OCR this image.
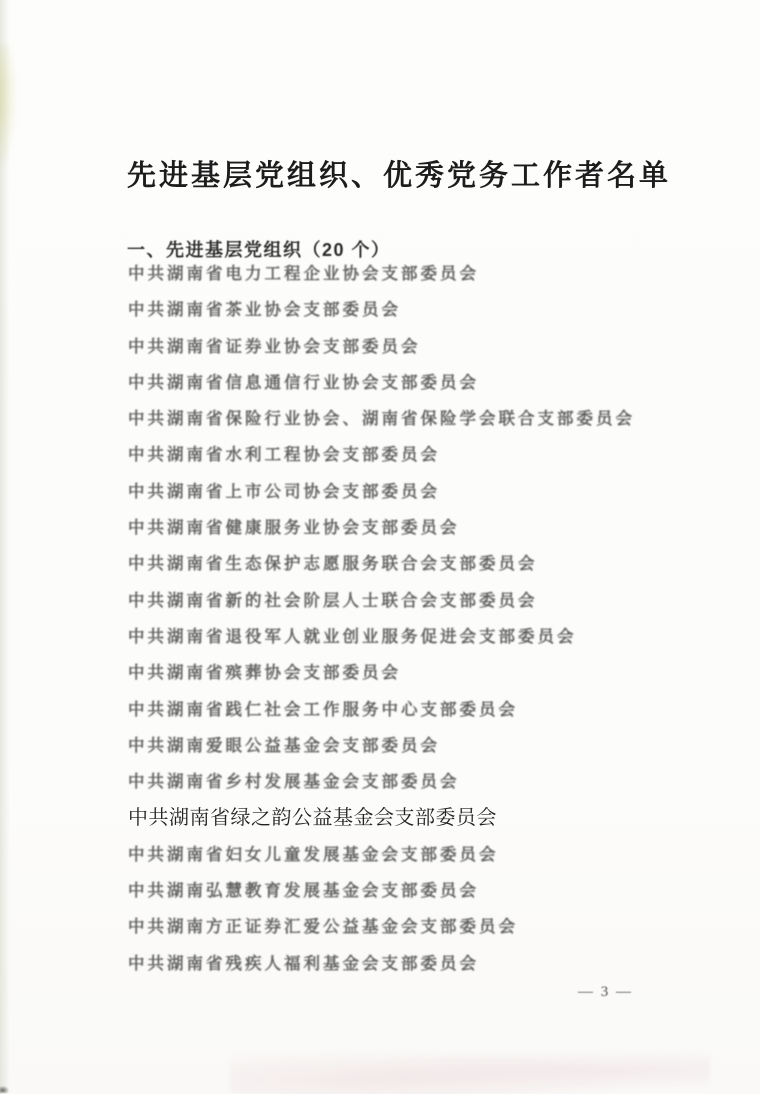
先进基层党组织、优秀党务工作者名单
一、先进基层党组织（20 个）
中共湖南省电力工程企业协会支部委员会
中共湖南省茶业协会支部委员会
中共湖南省证券业协会支部委员会
中共湖南省信息通信行业协会支部委员会
中共湖南省保险行业协会、湖南省保险学会联合支部委员会
中共湖南省水利工程协会支部委员会
中共湖南省上市公司协会支部委员会
中共湖南省健康服务业协会支部委员会
中共湖南省生态保护志愿服务联合会支部委员会
中共湖南省新的社会阶层人士联合会支部委员会
中共湖南省退役军人就业创业服务促进会支部委员会
中共湖南省殡葬协会支部委员会
中共湖南省践仁社会工作服务中心支部委员会
中共湖南爱眼公益基金会支部委员会
中共湖南省乡村发展基金会支部委员会
中共湖南省绿之韵公益基金会支部委员会
中共湖南省妇女儿童发展基金会支部委员会
中共湖南弘慧教育发展基金会支部委员会
中共湖南方正证券汇爱公益基金会支部委员会
中共湖南省残疾人福利基金会支部委员会
— 3 —
